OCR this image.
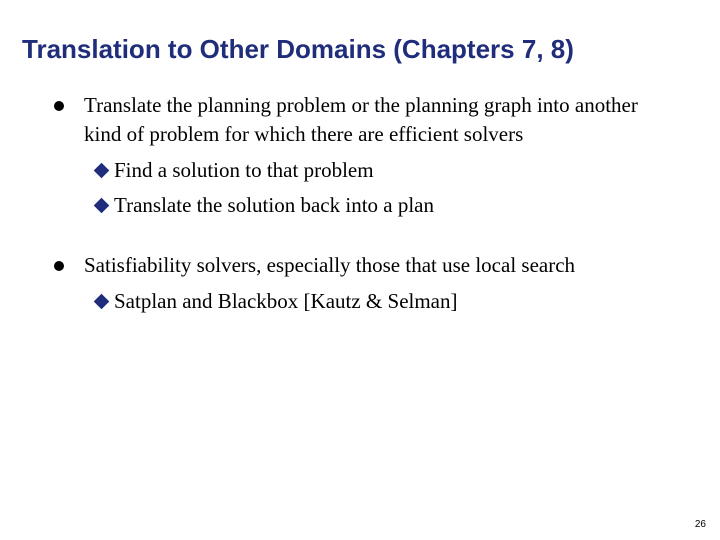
Translation to Other Domains (Chapters 7, 8)
Translate the planning problem or the planning graph into another kind of problem for which there are efficient solvers
Find a solution to that problem
Translate the solution back into a plan
Satisfiability solvers, especially those that use local search
Satplan and Blackbox [Kautz & Selman]
26
